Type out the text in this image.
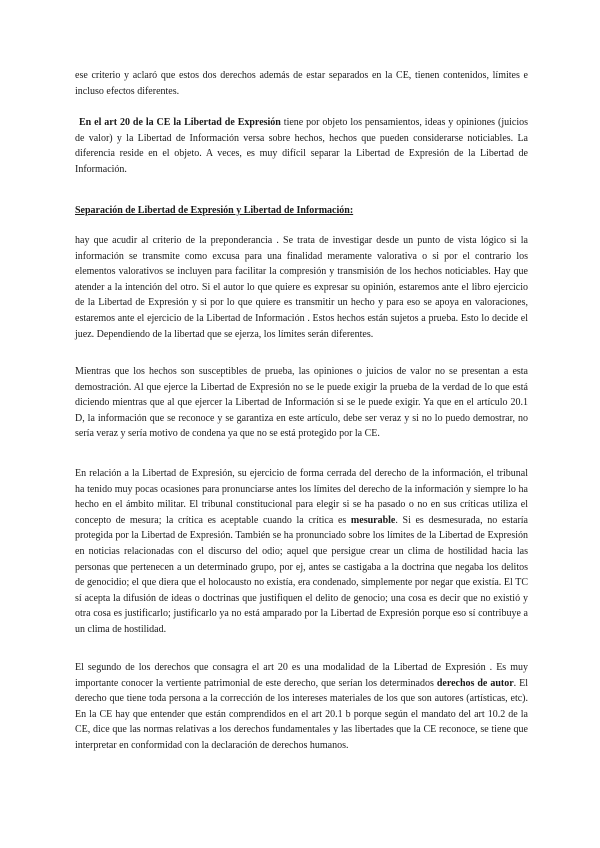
ese criterio y aclaró que estos dos derechos además de estar separados en la CE, tienen contenidos, límites e incluso efectos diferentes.

En el art 20 de la CE la Libertad de Expresión tiene por objeto los pensamientos, ideas y opiniones (juicios de valor) y la Libertad de Información versa sobre hechos, hechos que pueden considerarse noticiables. La diferencia reside en el objeto. A veces, es muy difícil separar la Libertad de Expresión de la Libertad de Información.

Separación de Libertad de Expresión y Libertad de Información:

hay que acudir al criterio de la preponderancia . Se trata de investigar desde un punto de vista lógico si la información se transmite como excusa para una finalidad meramente valorativa o si por el contrario los elementos valorativos se incluyen para facilitar la compresión y transmisión de los hechos noticiables. Hay que atender a la intención del otro. Si el autor lo que quiere es expresar su opinión, estaremos ante el libro ejercicio de la Libertad de Expresión y si por lo que quiere es transmitir un hecho y para eso se apoya en valoraciones, estaremos ante el ejercicio de la Libertad de Información . Estos hechos están sujetos a prueba. Esto lo decide el juez. Dependiendo de la libertad que se ejerza, los límites serán diferentes.

Mientras que los hechos son susceptibles de prueba, las opiniones o juicios de valor no se presentan a esta demostración. Al que ejerce la Libertad de Expresión no se le puede exigir la prueba de la verdad de lo que está diciendo mientras que al que ejercer la Libertad de Información si se le puede exigir. Ya que en el artículo 20.1 D, la información que se reconoce y se garantiza en este artículo, debe ser veraz y si no lo puedo demostrar, no sería veraz y sería motivo de condena ya que no se está protegido por la CE.

En relación a la Libertad de Expresión, su ejercicio de forma cerrada del derecho de la información, el tribunal ha tenido muy pocas ocasiones para pronunciarse antes los límites del derecho de la información y siempre lo ha hecho en el ámbito militar. El tribunal constitucional para elegir si se ha pasado o no en sus críticas utiliza el concepto de mesura; la crítica es aceptable cuando la crítica es mesurable. Si es desmesurada, no estaría protegida por la Libertad de Expresión. También se ha pronunciado sobre los límites de la Libertad de Expresión en noticias relacionadas con el discurso del odio; aquel que persigue crear un clima de hostilidad hacia las personas que pertenecen a un determinado grupo, por ej, antes se castigaba a la doctrina que negaba los delitos de genocidio; el que diera que el holocausto no existía, era condenado, simplemente por negar que existía. El TC sí acepta la difusión de ideas o doctrinas que justifiquen el delito de genocio; una cosa es decir que no existió y otra cosa es justificarlo; justificarlo ya no está amparado por la Libertad de Expresión porque eso sí contribuye a un clima de hostilidad.

El segundo de los derechos que consagra el art 20 es una modalidad de la Libertad de Expresión . Es muy importante conocer la vertiente patrimonial de este derecho, que serían los determinados derechos de autor. El derecho que tiene toda persona a la corrección de los intereses materiales de los que son autores (artísticas, etc). En la CE hay que entender que están comprendidos en el art 20.1 b porque según el mandato del art 10.2 de la CE, dice que las normas relativas a los derechos fundamentales y las libertades que la CE reconoce, se tiene que interpretar en conformidad con la declaración de derechos humanos.
